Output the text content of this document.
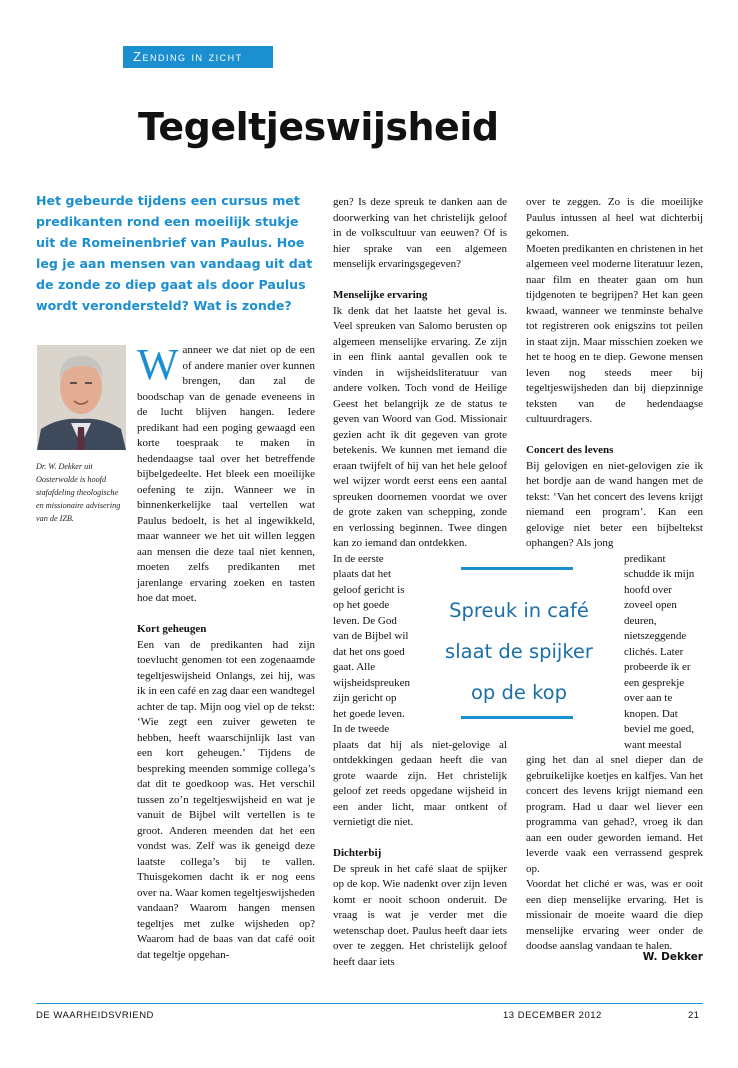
Zending in zicht
Tegeltjeswijsheid

Het gebeurde tijdens een cursus met predikanten rond een moeilijk stukje uit de Romeinenbrief van Paulus. Hoe leg je aan mensen van vandaag uit dat de zonde zo diep gaat als door Paulus wordt verondersteld? Wat is zonde?

Dr. W. Dekker uit Oosterwolde is hoofd stafafdeling theologische en missionaire advisering van de IZB.

Wanneer we dat niet op de een of andere manier over kunnen brengen, dan zal de boodschap van de genade eveneens in de lucht blijven hangen. Iedere predikant had een poging gewaagd een korte toespraak te maken in hedendaagse taal over het betreffende bijbelgedeelte. Het bleek een moeilijke oefening te zijn. Wanneer we in binnenkerkelijke taal vertellen wat Paulus bedoelt, is het al ingewikkeld, maar wanneer we het uit willen leggen aan mensen die deze taal niet kennen, moeten zelfs predikanten met jarenlange ervaring zoeken en tasten hoe dat moet.

Kort geheugen

Een van de predikanten had zijn toevlucht genomen tot een zogenaamde tegeltjeswijsheid Onlangs, zei hij, was ik in een café en zag daar een wandtegel achter de tap. Mijn oog viel op de tekst: ‘Wie zegt een zuiver geweten te hebben, heeft waarschijnlijk last van een kort geheugen.’ Tijdens de bespreking meenden sommige collega’s dat dit te goedkoop was. Het verschil tussen zo’n tegeltjeswijsheid en wat je vanuit de Bijbel wilt vertellen is te groot. Anderen meenden dat het een vondst was. Zelf was ik geneigd deze laatste collega’s bij te vallen. Thuisgekomen dacht ik er nog eens over na. Waar komen tegeltjeswijsheden vandaan? Waarom hangen mensen tegeltjes met zulke wijsheden op? Waarom had de baas van dat café ooit dat tegeltje opgehan-

gen? Is deze spreuk te danken aan de doorwerking van het christelijk geloof in de volkscultuur van eeuwen? Of is hier sprake van een algemeen menselijk ervaringsgegeven?

Menselijke ervaring

Ik denk dat het laatste het geval is. Veel spreuken van Salomo berusten op algemeen menselijke ervaring. Ze zijn in een flink aantal gevallen ook te vinden in wijsheidsliteratuur van andere volken. Toch vond de Heilige Geest het belangrijk ze de status te geven van Woord van God. Missionair gezien acht ik dit gegeven van grote betekenis. We kunnen met iemand die eraan twijfelt of hij van het hele geloof wel wijzer wordt eerst eens een aantal spreuken doornemen voordat we over de grote zaken van schepping, zonde en verlossing beginnen. Twee dingen kan zo iemand dan ontdekken.

In de eerste plaats dat het geloof gericht is op het goede leven. De God van de Bijbel wil dat het ons goed gaat. Alle wijsheidspreuken zijn gericht op het goede leven. In de tweede

plaats dat hij als niet-gelovige al ontdekkingen gedaan heeft die van grote waarde zijn. Het christelijk geloof zet reeds opgedane wijsheid in een ander licht, maar ontkent of vernietigt die niet.

Dichterbij

De spreuk in het café slaat de spijker op de kop. Wie nadenkt over zijn leven komt er nooit schoon onderuit. De vraag is wat je verder met die wetenschap doet. Paulus heeft daar iets over te zeggen. Het christelijk geloof heeft daar iets

over te zeggen. Zo is die moeilijke Paulus intussen al heel wat dichterbij gekomen.

Moeten predikanten en christenen in het algemeen veel moderne literatuur lezen, naar film en theater gaan om hun tijdgenoten te begrijpen? Het kan geen kwaad, wanneer we tenminste behalve tot registreren ook enigszins tot peilen in staat zijn. Maar misschien zoeken we het te hoog en te diep. Gewone mensen leven nog steeds meer bij tegeltjeswijsheden dan bij diepzinnige teksten van de hedendaagse cultuurdragers.

Concert des levens

Bij gelovigen en niet-gelovigen zie ik het bordje aan de wand hangen met de tekst: ‘Van het concert des levens krijgt niemand een program’. Kan een gelovige niet beter een bijbeltekst ophangen? Als jong

predikant schudde ik mijn hoofd over zoveel open deuren, nietszeggende clichés. Later probeerde ik er een gesprekje over aan te knopen. Dat beviel me goed, want meestal

ging het dan al snel dieper dan de gebruikelijke koetjes en kalfjes. Van het concert des levens krijgt niemand een program. Had u daar wel liever een programma van gehad?, vroeg ik dan aan een ouder geworden iemand. Het leverde vaak een verrassend gesprek op.

Voordat het cliché er was, was er ooit een diep menselijke ervaring. Het is missionair de moeite waard die diep menselijke ervaring weer onder de doodse aanslag vandaan te halen.

W. Dekker

Spreuk in café
slaat de spijker
op de kop
DE WAARHEIDSVRIEND	13 DECEMBER 2012	21
